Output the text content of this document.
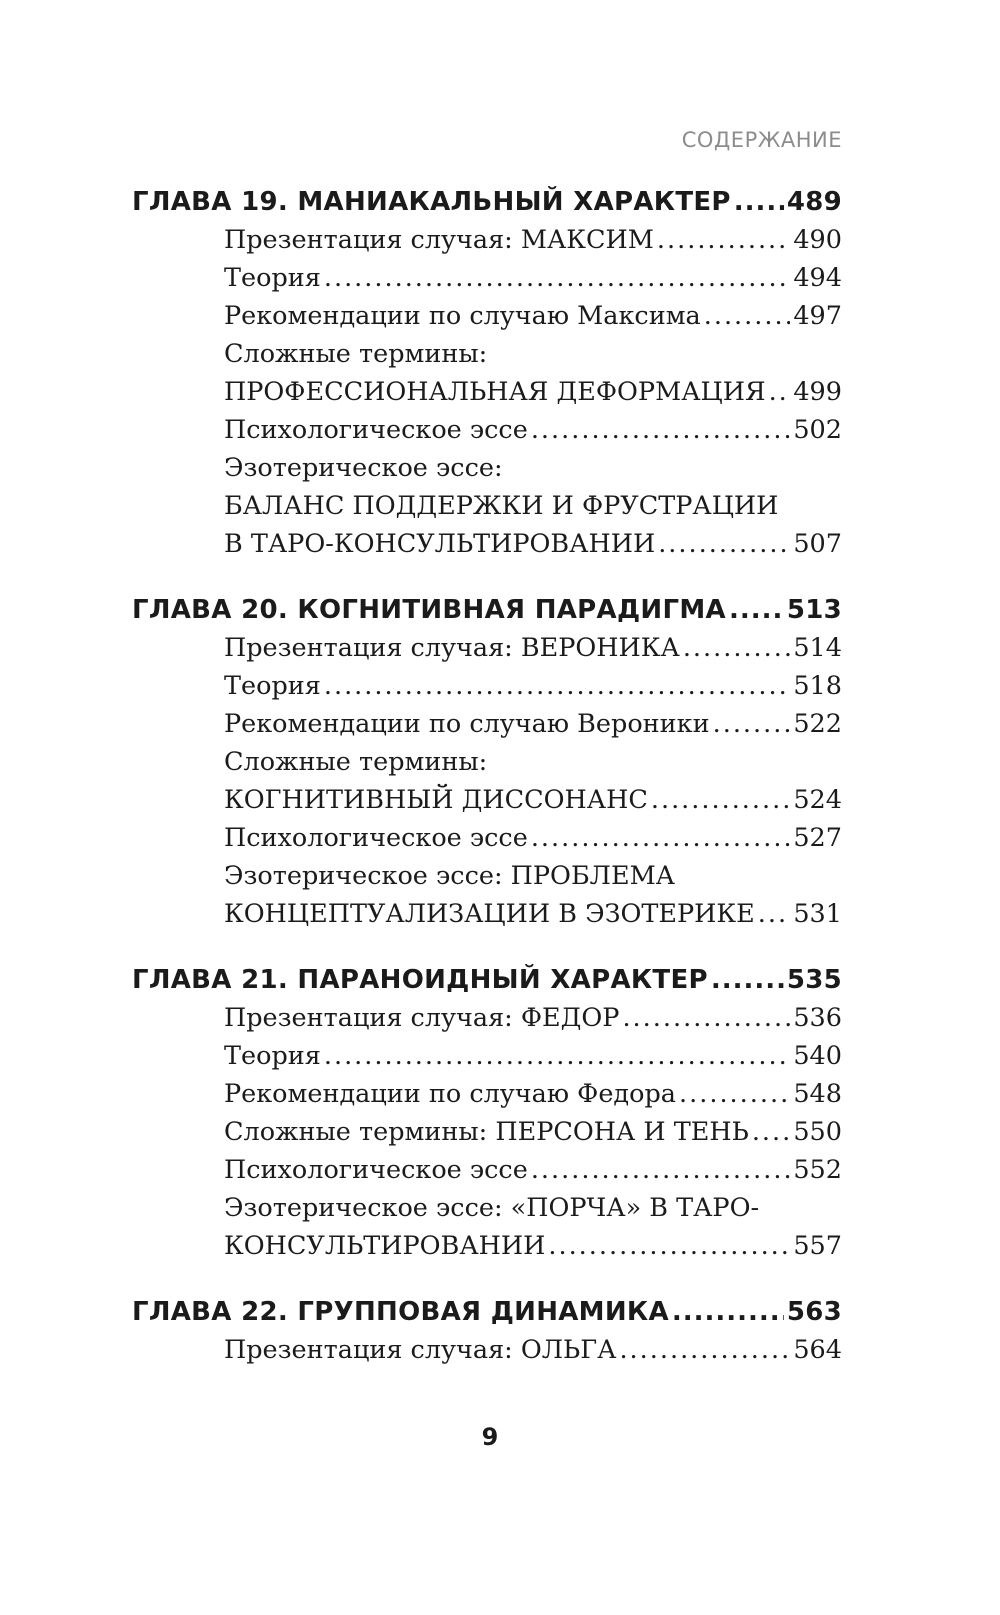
СОДЕРЖАНИЕ
ГЛАВА 19. МАНИАКАЛЬНЫЙ ХАРАКТЕР ..... 489
Презентация случая: МАКСИМ .....	490
Теория .....	494
Рекомендации по случаю Максима .....	497
Сложные термины:
ПРОФЕССИОНАЛЬНАЯ ДЕФОРМАЦИЯ ..... 499
Психологическое эссе .....	502
Эзотерическое эссе:
БАЛАНС ПОДДЕРЖКИ И ФРУСТРАЦИИ
В ТАРО-КОНСУЛЬТИРОВАНИИ .....	507
ГЛАВА 20. КОГНИТИВНАЯ ПАРАДИГМА ..... 513
Презентация случая: ВЕРОНИКА .....	514
Теория .....	518
Рекомендации по случаю Вероники .....	522
Сложные термины:
КОГНИТИВНЫЙ ДИССОНАНС .....	524
Психологическое эссе .....	527
Эзотерическое эссе: ПРОБЛЕМА
КОНЦЕПТУАЛИЗАЦИИ В ЭЗОТЕРИКЕ ..... 531
ГЛАВА 21. ПАРАНОИДНЫЙ ХАРАКТЕР .....	535
Презентация случая: ФЕДОР .....	536
Теория .....	540
Рекомендации по случаю Федора .....	548
Сложные термины: ПЕРСОНА И ТЕНЬ ..... 550
Психологическое эссе .....	552
Эзотерическое эссе: «ПОРЧА» В ТАРО-
КОНСУЛЬТИРОВАНИИ .....	557
ГЛАВА 22. ГРУППОВАЯ ДИНАМИКА .....	563
Презентация случая: ОЛЬГА .....	564
9
